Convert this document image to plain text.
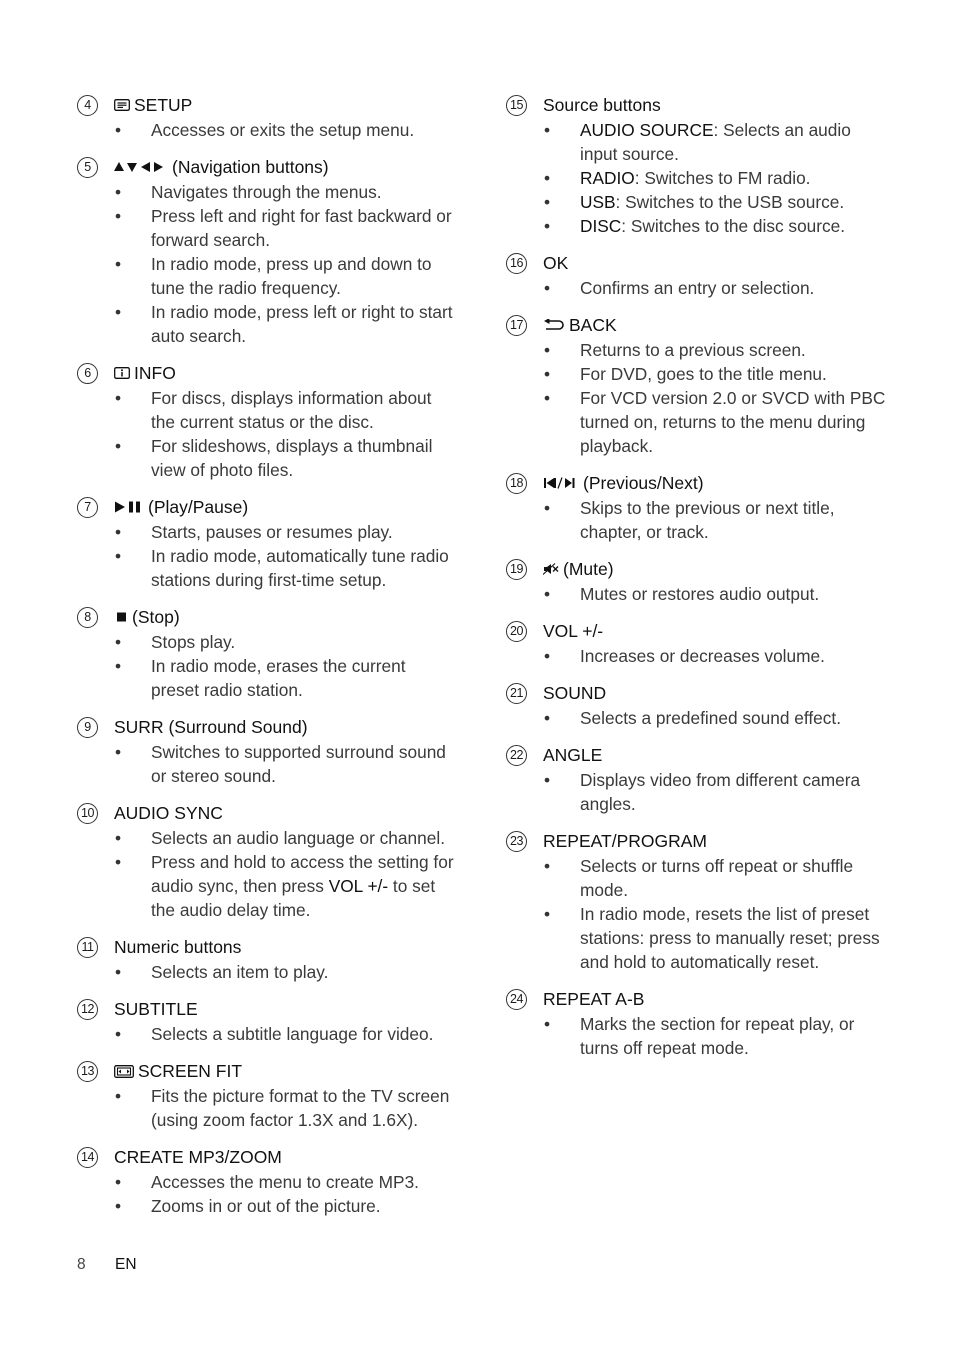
4	SETUP
• Accesses or exits the setup menu.
5	(Navigation buttons)
• Navigates through the menus.
• Press left and right for fast backward or forward search.
• In radio mode, press up and down to tune the radio frequency.
• In radio mode, press left or right to start auto search.
6	INFO
• For discs, displays information about the current status or the disc.
• For slideshows, displays a thumbnail view of photo files.
7	(Play/Pause)
• Starts, pauses or resumes play.
• In radio mode, automatically tune radio stations during first-time setup.
8	(Stop)
• Stops play.
• In radio mode, erases the current preset radio station.
9	SURR (Surround Sound)
• Switches to supported surround sound or stereo sound.
10 AUDIO SYNC
• Selects an audio language or channel.
• Press and hold to access the setting for audio sync, then press VOL +/- to set the audio delay time.
11 Numeric buttons
• Selects an item to play.
12 SUBTITLE
• Selects a subtitle language for video.
13	SCREEN FIT
• Fits the picture format to the TV screen (using zoom factor 1.3X and 1.6X).
14 CREATE MP3/ZOOM
• Accesses the menu to create MP3.
• Zooms in or out of the picture.
15 Source buttons
• AUDIO SOURCE: Selects an audio input source.
• RADIO: Switches to FM radio.
• USB: Switches to the USB source.
• DISC: Switches to the disc source.
16 OK
• Confirms an entry or selection.
17	BACK
• Returns to a previous screen.
• For DVD, goes to the title menu.
• For VCD version 2.0 or SVCD with PBC turned on, returns to the menu during playback.
18	(Previous/Next)
• Skips to the previous or next title, chapter, or track.
19 (Mute)
• Mutes or restores audio output.
20 VOL +/-
• Increases or decreases volume.
21 SOUND
• Selects a predefined sound effect.
22 ANGLE
• Displays video from different camera angles.
23 REPEAT/PROGRAM
• Selects or turns off repeat or shuffle mode.
• In radio mode, resets the list of preset stations: press to manually reset; press and hold to automatically reset.
24 REPEAT A-B
• Marks the section for repeat play, or turns off repeat mode.
8	EN
